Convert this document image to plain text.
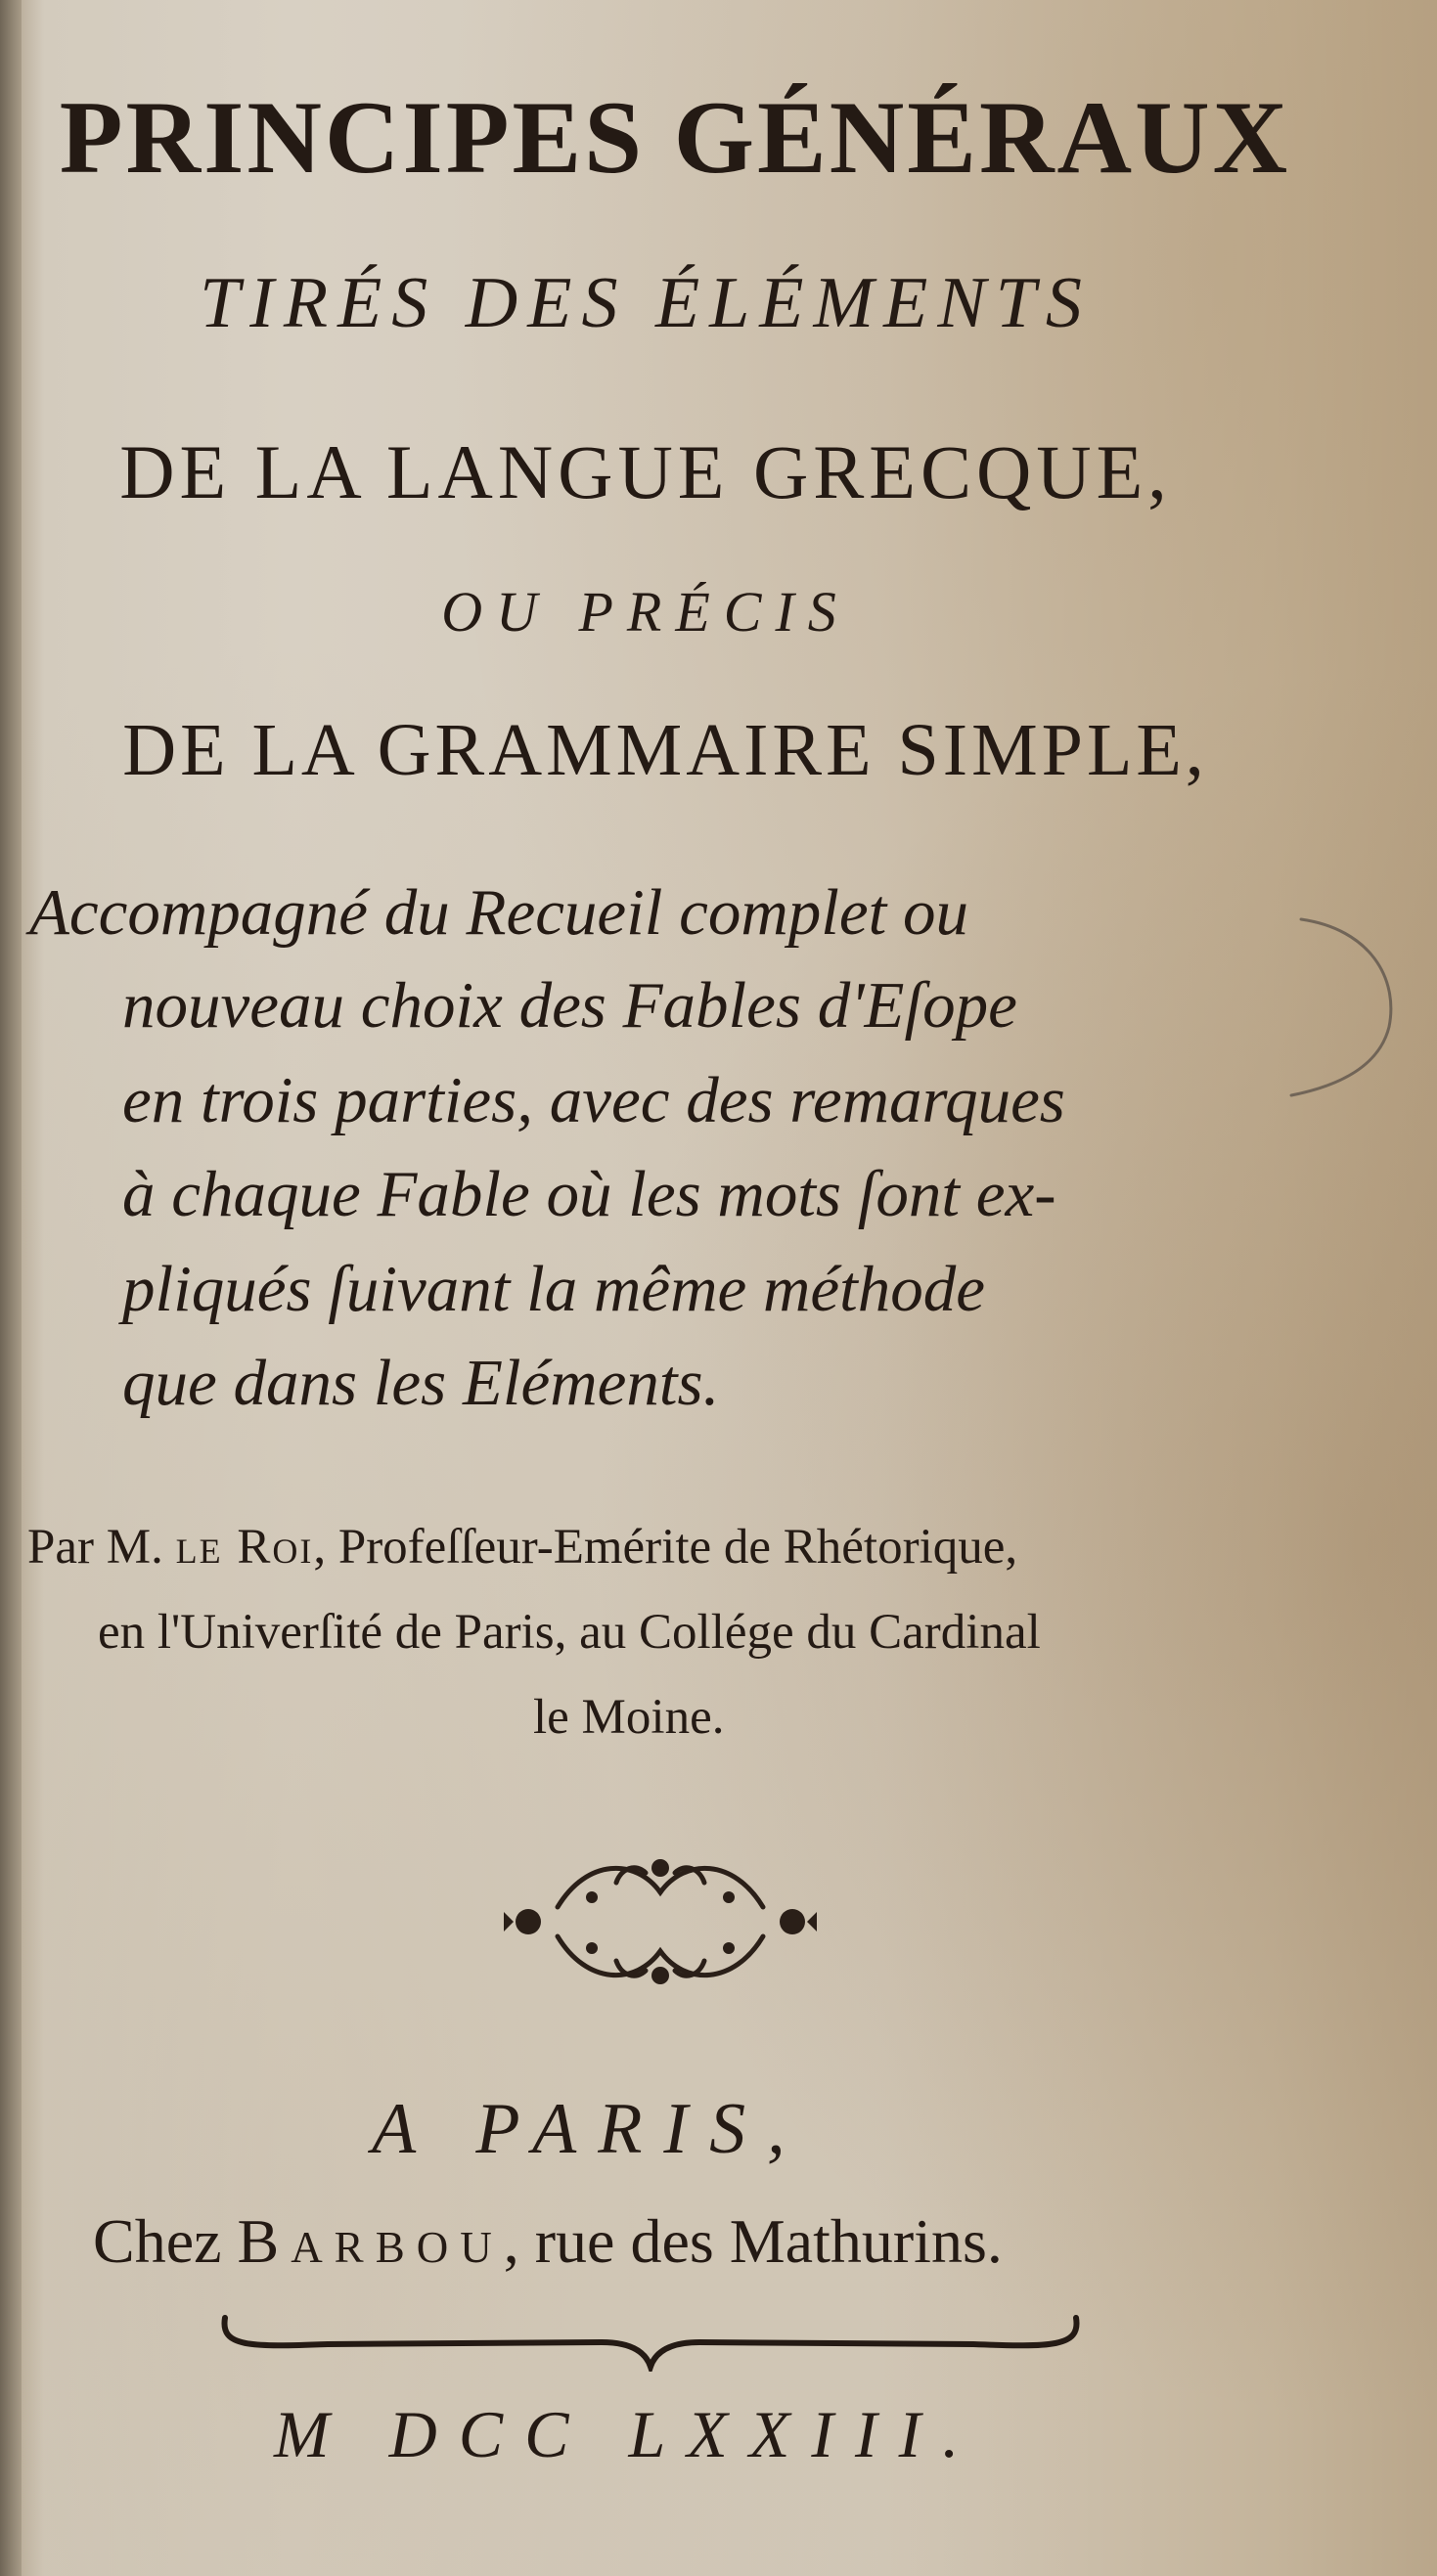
PRINCIPES GÉNÉRAUX
TIRÉS DES ÉLÉMENTS
DE LA LANGUE GRECQUE,
OU PRÉCIS
DE LA GRAMMAIRE SIMPLE,
Accompagné du Recueil complet ou
nouveau choix des Fables d'Eſope
en trois parties, avec des remarques
à chaque Fable où les mots ſont ex-
pliqués ſuivant la même méthode
que dans les Eléments.
Par M. le Roi, Profeſſeur-Emérite de Rhétorique,
en l'Univerſité de Paris, au Collége du Cardinal
le Moine.
A PARIS,
Chez Barbou, rue des Mathurins.
M DCC LXXIII.
